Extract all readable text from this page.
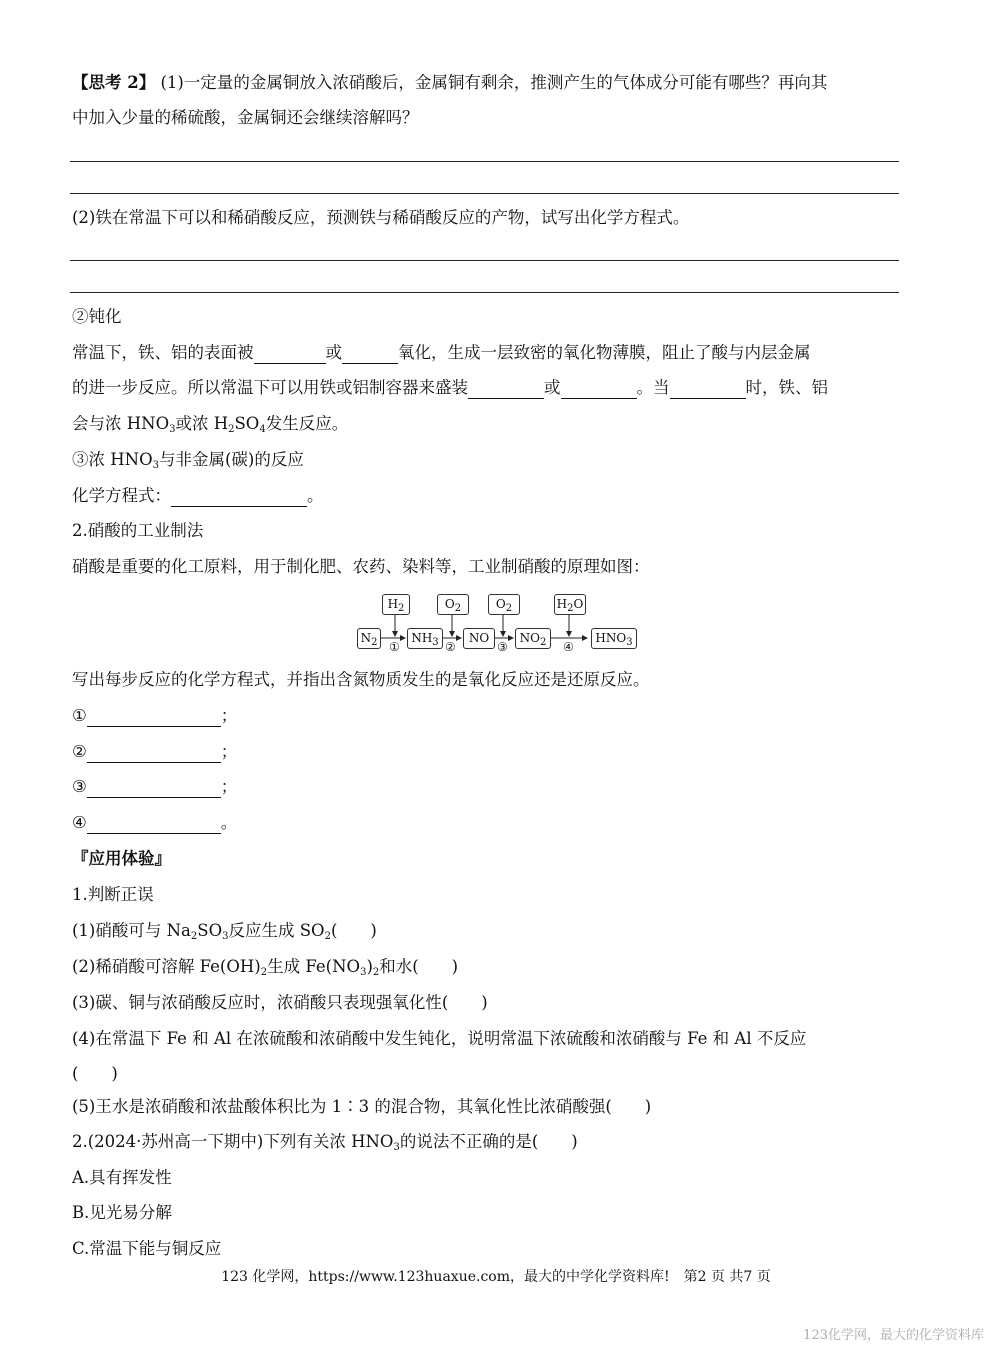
【思考 2】 (1)一定量的金属铜放入浓硝酸后，金属铜有剩余，推测产生的气体成分可能有哪些？再向其
中加入少量的稀硫酸，金属铜还会继续溶解吗？
(2)铁在常温下可以和稀硝酸反应，预测铁与稀硝酸反应的产物，试写出化学方程式。
②钝化
常温下，铁、铝的表面被	或	氧化，生成一层致密的氧化物薄膜，阻止了酸与内层金属
的进一步反应。所以常温下可以用铁或铝制容器来盛装	或	。当	时，铁、铝
会与浓 $HNO_3$或浓 $H_2SO_4$发生反应。
③浓 $HNO_3$与非金属(碳)的反应
化学方程式：	。
2.硝酸的工业制法
硝酸是重要的化工原料，用于制化肥、农药、染料等，工业制硝酸的原理如图：
$H_2$	$O_2$	$O_2$	$H_2O$
$N_2$	$NH_3$	NO	$NO_2$	$HNO_3$
①	②	③	④
写出每步反应的化学方程式，并指出含氮物质发生的是氧化反应还是还原反应。
①	；
②	；
③	；
④	。
『应用体验』
1.判断正误
(1)硝酸可与 $Na_2SO_3$反应生成 $SO_2$(　　)
(2)稀硝酸可溶解 $Fe(OH)_2$生成 $Fe(NO_3)_2$和水(　　)
(3)碳、铜与浓硝酸反应时，浓硝酸只表现强氧化性(　　)
(4)在常温下 Fe 和 Al 在浓硫酸和浓硝酸中发生钝化，说明常温下浓硫酸和浓硝酸与 Fe 和 Al 不反应
(　　)
(5)王水是浓硝酸和浓盐酸体积比为 1∶3 的混合物，其氧化性比浓硝酸强(　　)
2.(2024·苏州高一下期中)下列有关浓 $HNO_3$的说法不正确的是(　　)
A.具有挥发性
B.见光易分解
C.常温下能与铜反应
123 化学网，https://www.123huaxue.com，最大的中学化学资料库!　第2 页 共7 页
123化学网，最大的化学资料库
